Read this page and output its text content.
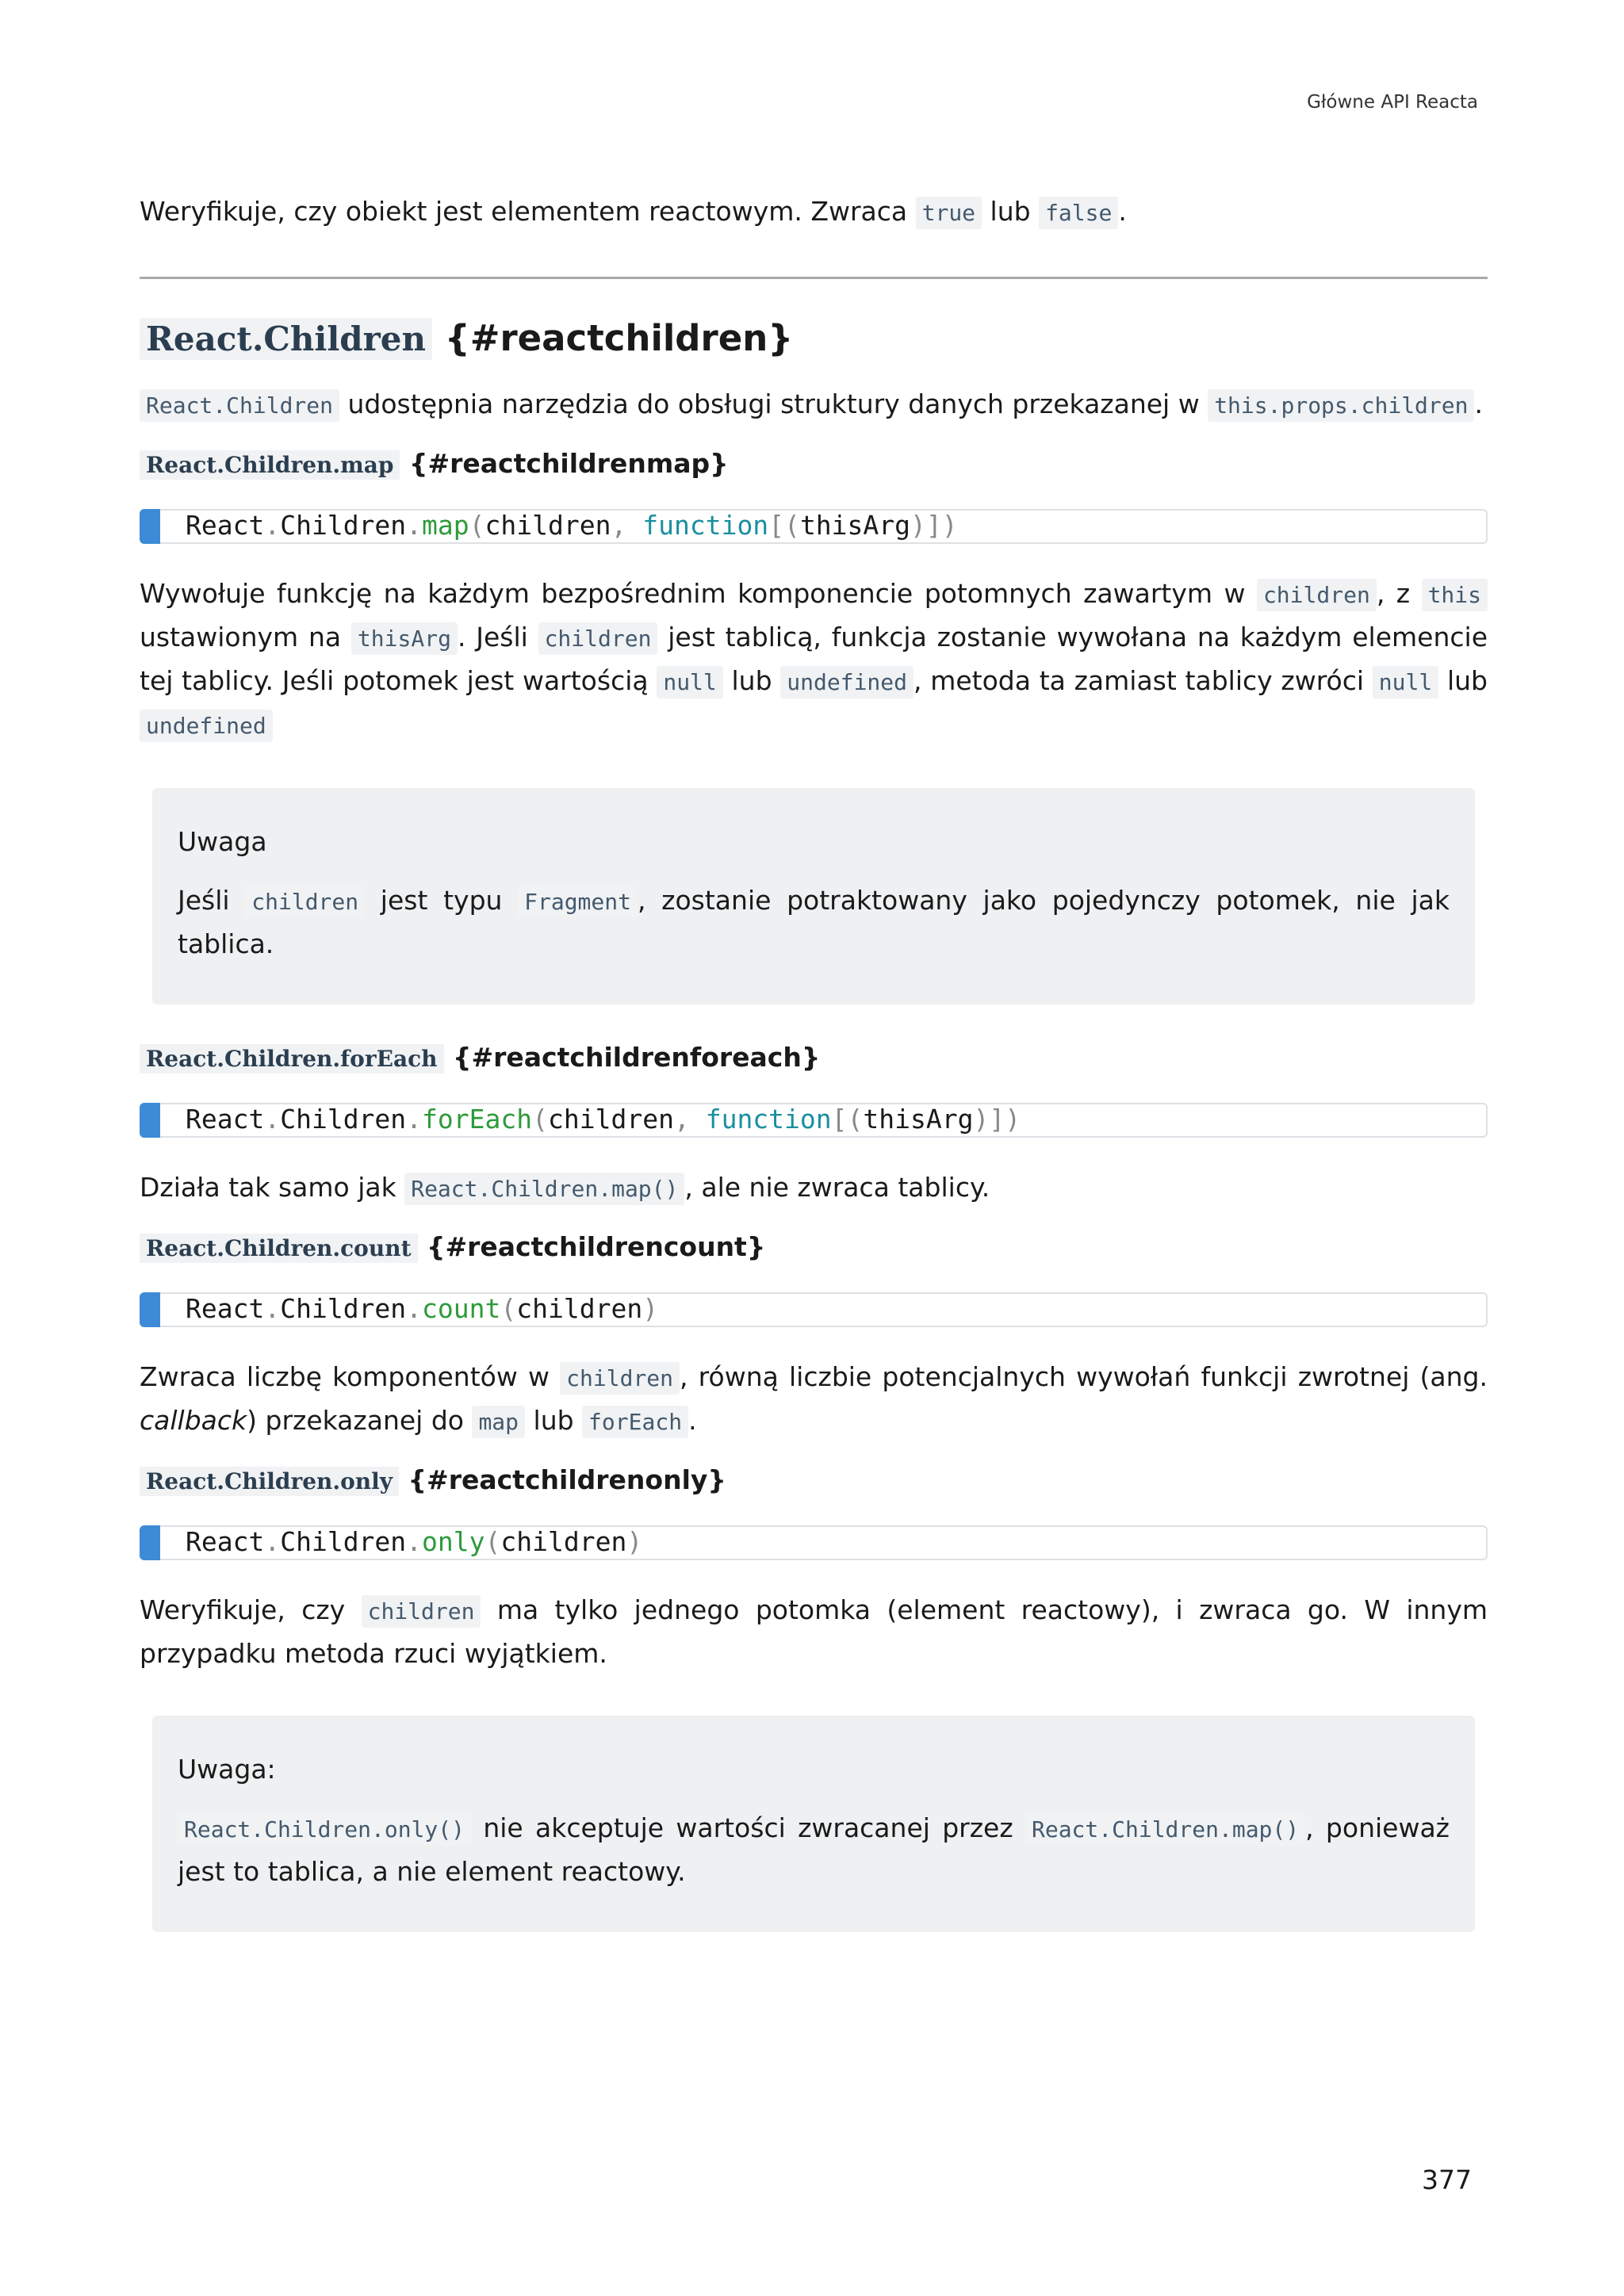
Główne API Reacta

Weryfikuje, czy obiekt jest elementem reactowym. Zwraca true lub false .

React.Children {#reactchildren}

React.Children udostępnia narzędzia do obsługi struktury danych przekazanej w this.props.children .

React.Children.map {#reactchildrenmap}
React.Children.map(children, function[(thisArg)])

Wywołuje funkcję na każdym bezpośrednim komponencie potomnych zawartym w children , z this ustawionym na thisArg . Jeśli children jest tablicą, funkcja zostanie wywołana na każdym elemencie tej tablicy. Jeśli potomek jest wartością null lub undefined , metoda ta zamiast tablicy zwróci null lub undefined

Uwaga

Jeśli children jest typu Fragment , zostanie potraktowany jako pojedynczy potomek, nie jak tablica.

React.Children.forEach {#reactchildrenforeach}
React.Children.forEach(children, function[(thisArg)])

Działa tak samo jak React.Children.map() , ale nie zwraca tablicy.

React.Children.count {#reactchildrencount}
React.Children.count(children)

Zwraca liczbę komponentów w children , równą liczbie potencjalnych wywołań funkcji zwrotnej (ang. callback) przekazanej do map lub forEach .

React.Children.only {#reactchildrenonly}
React.Children.only(children)

Weryfikuje, czy children ma tylko jednego potomka (element reactowy), i zwraca go. W innym przypadku metoda rzuci wyjątkiem.

Uwaga:

React.Children.only() nie akceptuje wartości zwracanej przez React.Children.map() , ponieważ jest to tablica, a nie element reactowy.

377
